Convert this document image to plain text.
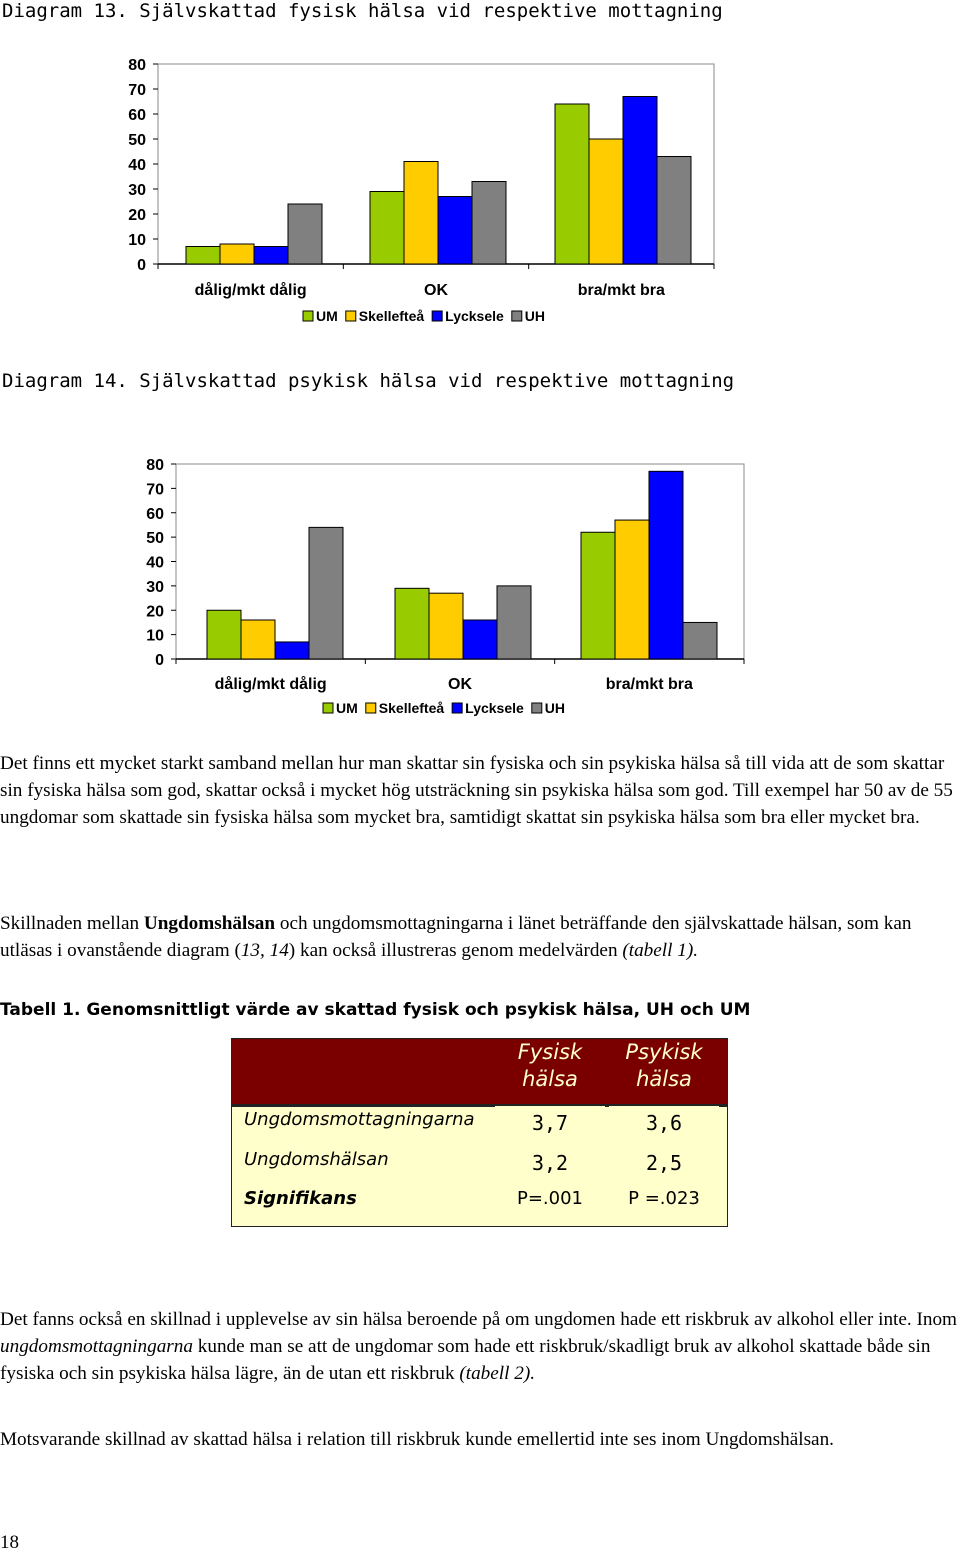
Diagram 13. Självskattad fysisk hälsa vid respektive mottagning
0
10
20
30
40
50
60
70
80
dålig/mkt dålig	OK	bra/mkt bra
UM Skellefteå Lycksele UH
Diagram 14. Självskattad psykisk hälsa vid respektive mottagning
0
10
20
30
40
50
60
70
80
dålig/mkt dålig	OK	bra/mkt bra
UM Skellefteå Lycksele UH

Det finns ett mycket starkt samband mellan hur man skattar sin fysiska och sin psykiska hälsa så till vida att de som skattar sin fysiska hälsa som god, skattar också i mycket hög utsträckning sin psykiska hälsa som god. Till exempel har 50 av de 55 ungdomar som skattade sin fysiska hälsa som mycket bra, samtidigt skattat sin psykiska hälsa som bra eller mycket bra.

Skillnaden mellan Ungdomshälsan och ungdomsmottagningarna i länet beträffande den självskattade hälsan, som kan utläsas i ovanstående diagram (13, 14) kan också illustreras genom medelvärden (tabell 1).

Tabell 1. Genomsnittligt värde av skattad fysisk och psykisk hälsa, UH och UM
Fysisk hälsa
Psykisk hälsa
Ungdomsmottagningarna	3,7	3,6
Ungdomshälsan	3,2	2,5
Signifikans	P=.001	P =.023

Det fanns också en skillnad i upplevelse av sin hälsa beroende på om ungdomen hade ett riskbruk av alkohol eller inte. Inom ungdomsmottagningarna kunde man se att de ungdomar som hade ett riskbruk/skadligt bruk av alkohol skattade både sin fysiska och sin psykiska hälsa lägre, än de utan ett riskbruk (tabell 2).

Motsvarande skillnad av skattad hälsa i relation till riskbruk kunde emellertid inte ses inom Ungdomshälsan.

18
